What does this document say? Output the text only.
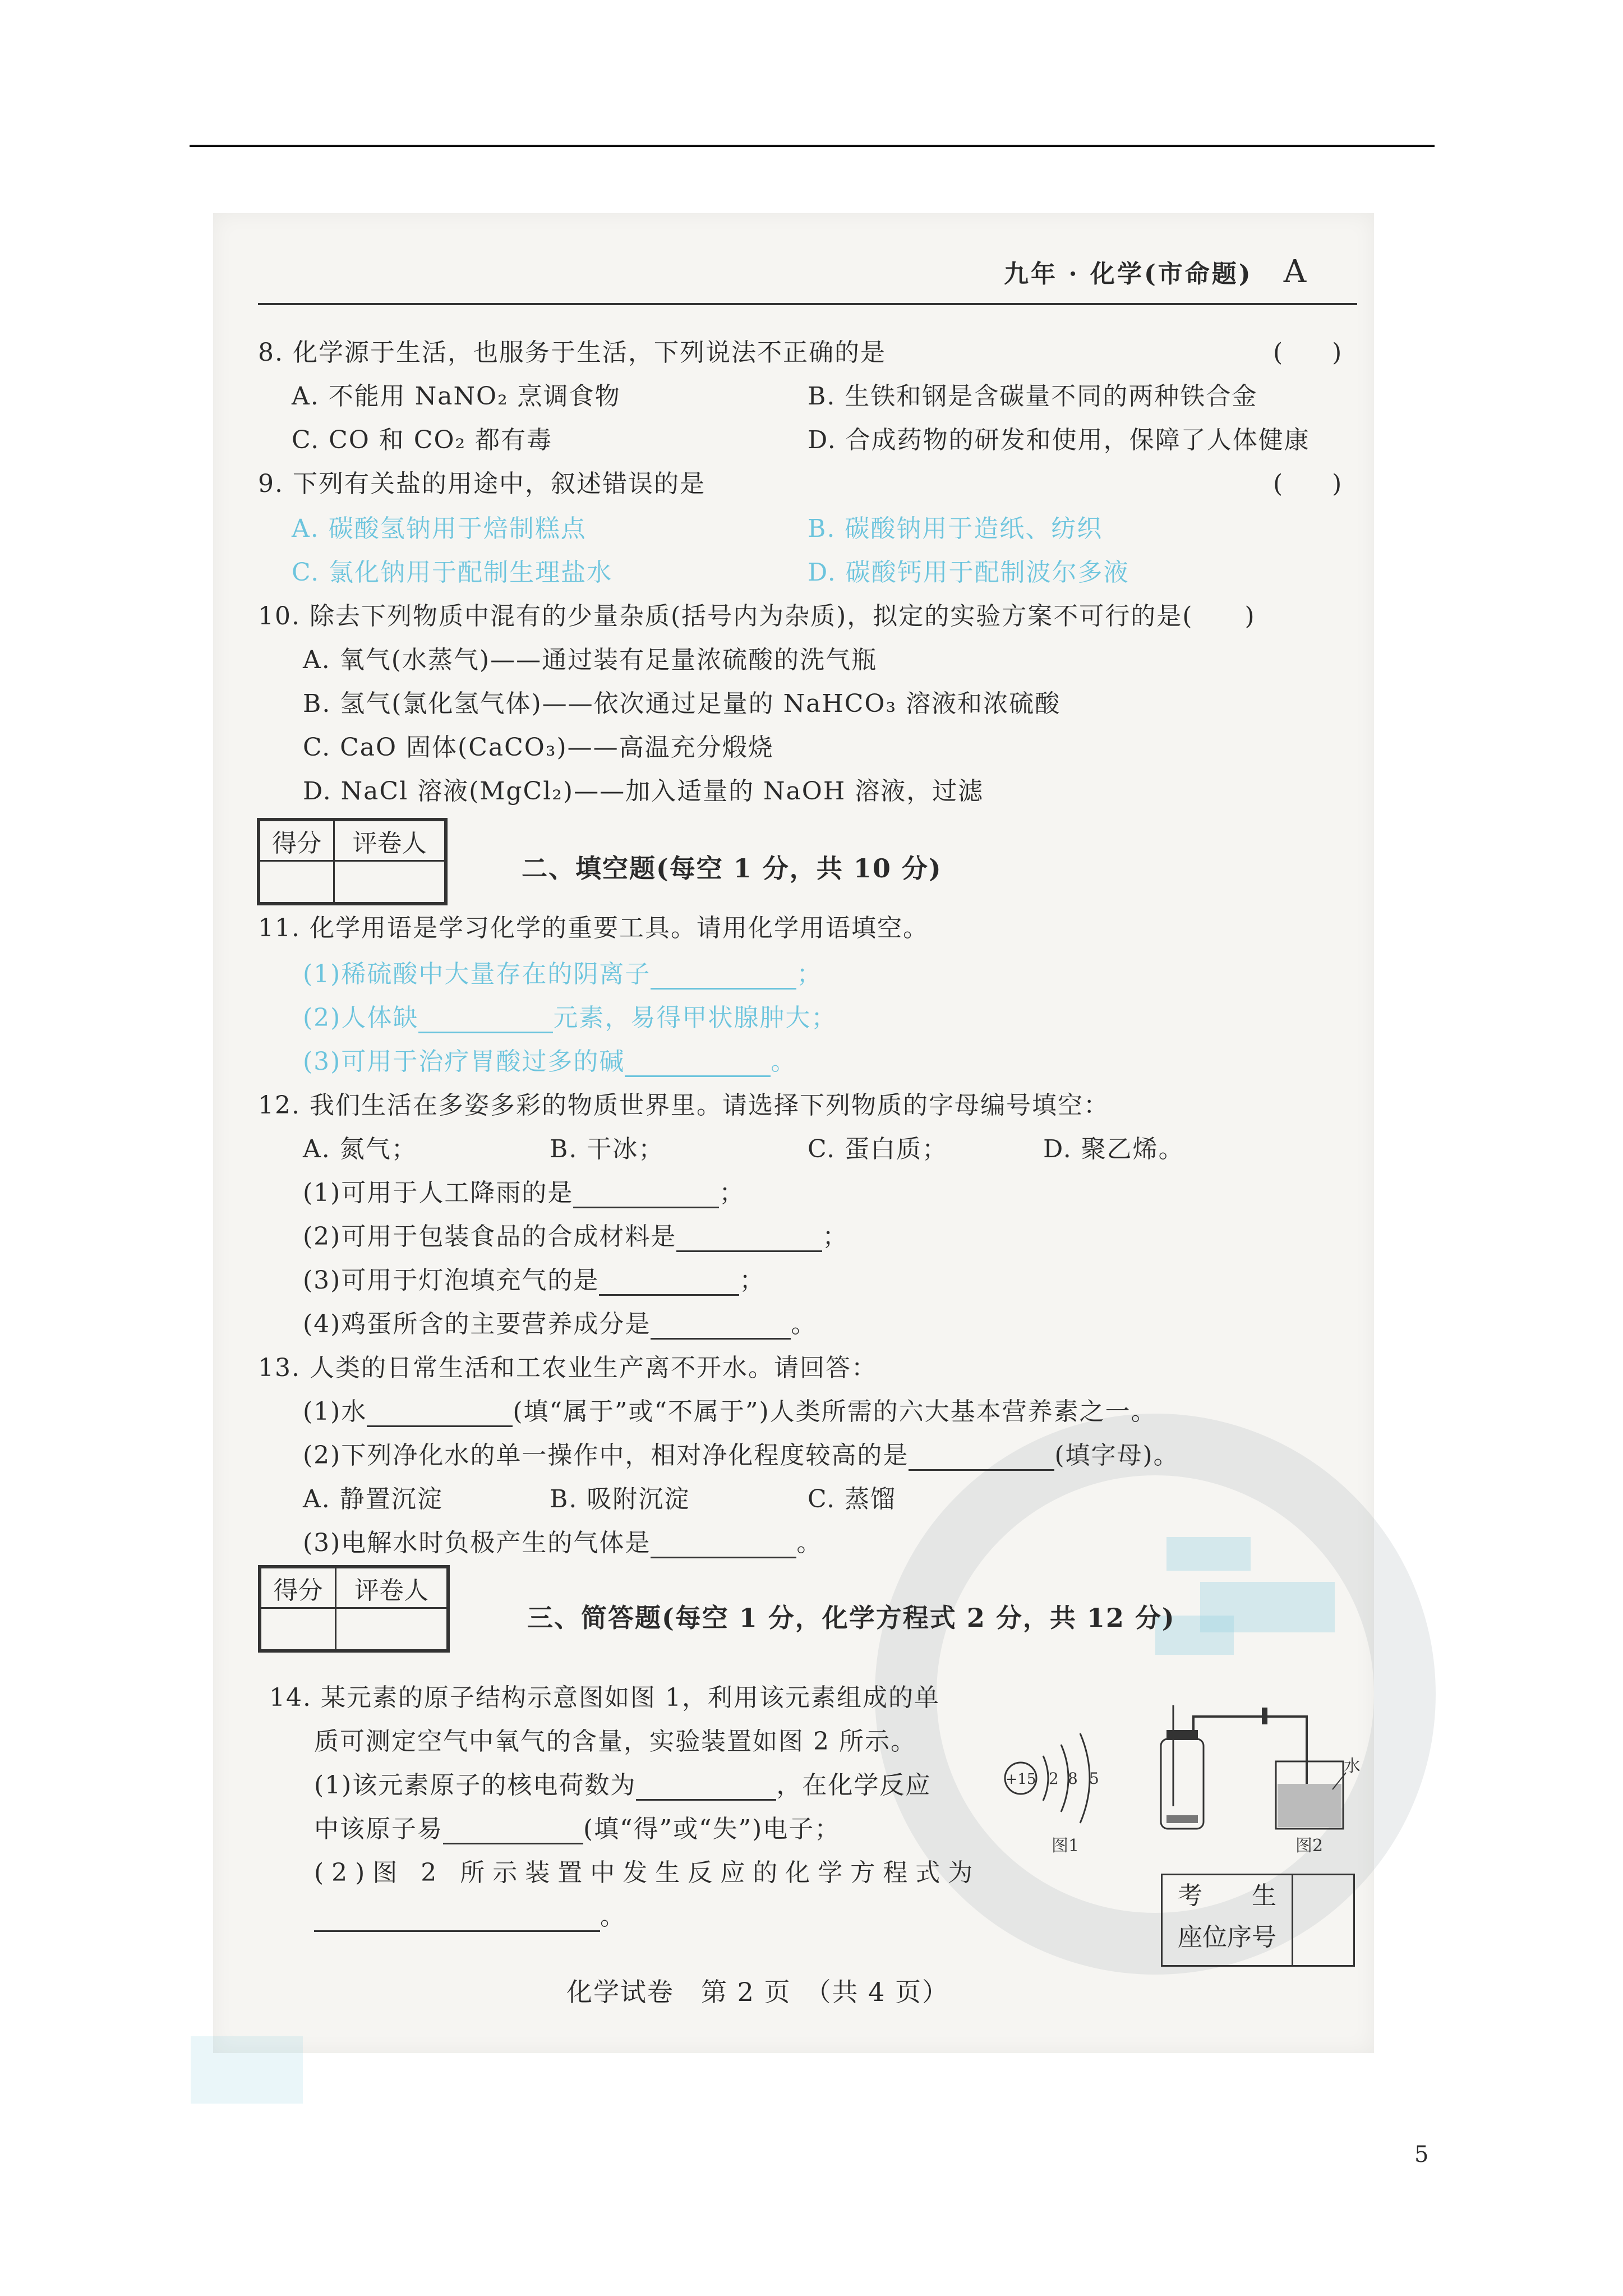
九年 · 化学(市命题) A
8. 化学源于生活，也服务于生活，下列说法不正确的是	(　　)
A. 不能用 NaNO₂ 烹调食物	B. 生铁和钢是含碳量不同的两种铁合金
C. CO 和 CO₂ 都有毒	D. 合成药物的研发和使用，保障了人体健康
9. 下列有关盐的用途中，叙述错误的是	(　　)
A. 碳酸氢钠用于焙制糕点	B. 碳酸钠用于造纸、纺织
C. 氯化钠用于配制生理盐水	D. 碳酸钙用于配制波尔多液
10. 除去下列物质中混有的少量杂质(括号内为杂质)，拟定的实验方案不可行的是(　　)
A. 氧气(水蒸气)——通过装有足量浓硫酸的洗气瓶
B. 氢气(氯化氢气体)——依次通过足量的 NaHCO₃ 溶液和浓硫酸
C. CaO 固体(CaCO₃)——高温充分煅烧
D. NaCl 溶液(MgCl₂)——加入适量的 NaOH 溶液，过滤
得分	评卷人

二、填空题(每空 1 分，共 10 分)
11. 化学用语是学习化学的重要工具。请用化学用语填空。
(1)稀硫酸中大量存在的阴离子	；
(2)人体缺	元素，易得甲状腺肿大；
(3)可用于治疗胃酸过多的碱	。
12. 我们生活在多姿多彩的物质世界里。请选择下列物质的字母编号填空：
A. 氮气；	B. 干冰；	C. 蛋白质；	D. 聚乙烯。
(1)可用于人工降雨的是	；
(2)可用于包装食品的合成材料是	；
(3)可用于灯泡填充气的是	；
(4)鸡蛋所含的主要营养成分是	。
13. 人类的日常生活和工农业生产离不开水。请回答：
(1)水	(填“属于”或“不属于”)人类所需的六大基本营养素之一。
(2)下列净化水的单一操作中，相对净化程度较高的是	(填字母)。
A. 静置沉淀	B. 吸附沉淀	C. 蒸馏
(3)电解水时负极产生的气体是	。
得分	评卷人

三、简答题(每空 1 分，化学方程式 2 分，共 12 分)
14. 某元素的原子结构示意图如图 1，利用该元素组成的单
质可测定空气中氧气的含量，实验装置如图 2 所示。
(1)该元素原子的核电荷数为	，在化学反应
中该原子易	(填“得”或“失”)电子；
(2)图 2 所示装置中发生反应的化学方程式为
。
+15 2 8 5
图1
水
图2
考　　生
座位序号
化学试卷　第 2 页　（共 4 页）
5
